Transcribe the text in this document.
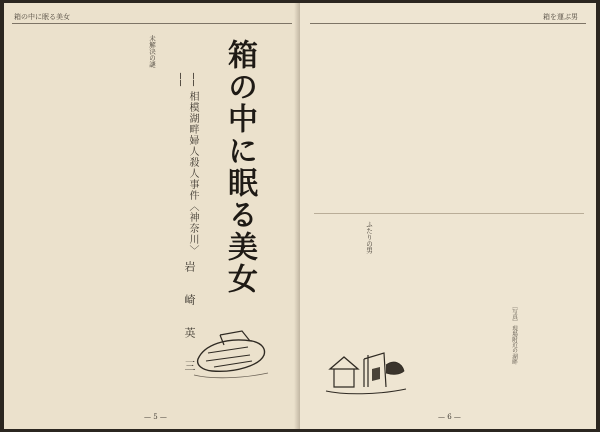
箱の中に眠る美女
未解決の謎	箱の中に眠る美女
── 相模湖畔婦人殺人事件〈神奈川〉──
岩崎英三
— 5 —
箱を運ぶ男
ふたりの男
〔写真〕現場附近の湖畔
— 6 —
